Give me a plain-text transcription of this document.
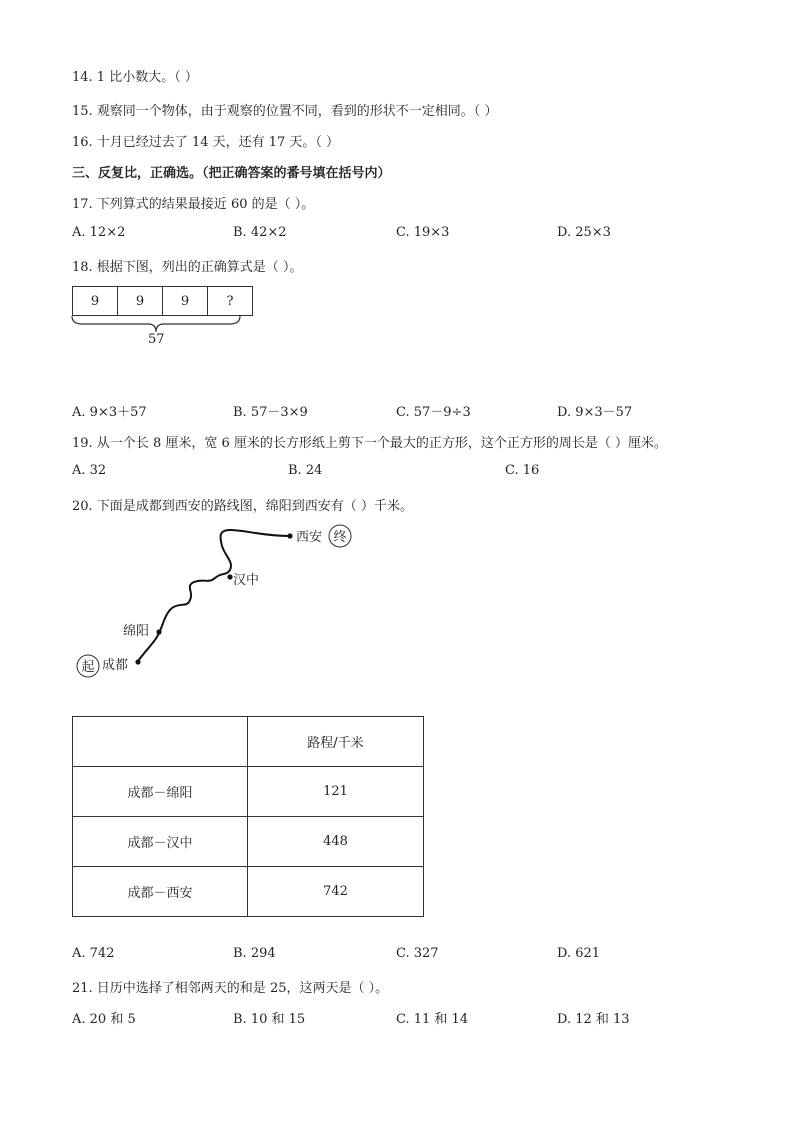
14. 1 比小数大。（ ）
15. 观察同一个物体，由于观察的位置不同，看到的形状不一定相同。（ ）
16. 十月已经过去了 14 天，还有 17 天。（ ）
三、反复比，正确选。（把正确答案的番号填在括号内）
17. 下列算式的结果最接近 60 的是（ ）。
A. 12×2	B. 42×2	C. 19×3	D. 25×3
18. 根据下图，列出的正确算式是（ ）。
9	9	9	?
57
A. 9×3＋57	B. 57－3×9	C. 57－9÷3	D. 9×3－57
19. 从一个长 8 厘米，宽 6 厘米的长方形纸上剪下一个最大的正方形，这个正方形的周长是（ ）厘米。
A. 32	B. 24	C. 16
20. 下面是成都到西安的路线图，绵阳到西安有（ ）千米。
西安 终
汉中
绵阳
起 成都
	路程/千米
成都－绵阳	121
成都－汉中	448
成都－西安	742
A. 742	B. 294	C. 327	D. 621
21. 日历中选择了相邻两天的和是 25，这两天是（ ）。
A. 20 和 5	B. 10 和 15	C. 11 和 14	D. 12 和 13
